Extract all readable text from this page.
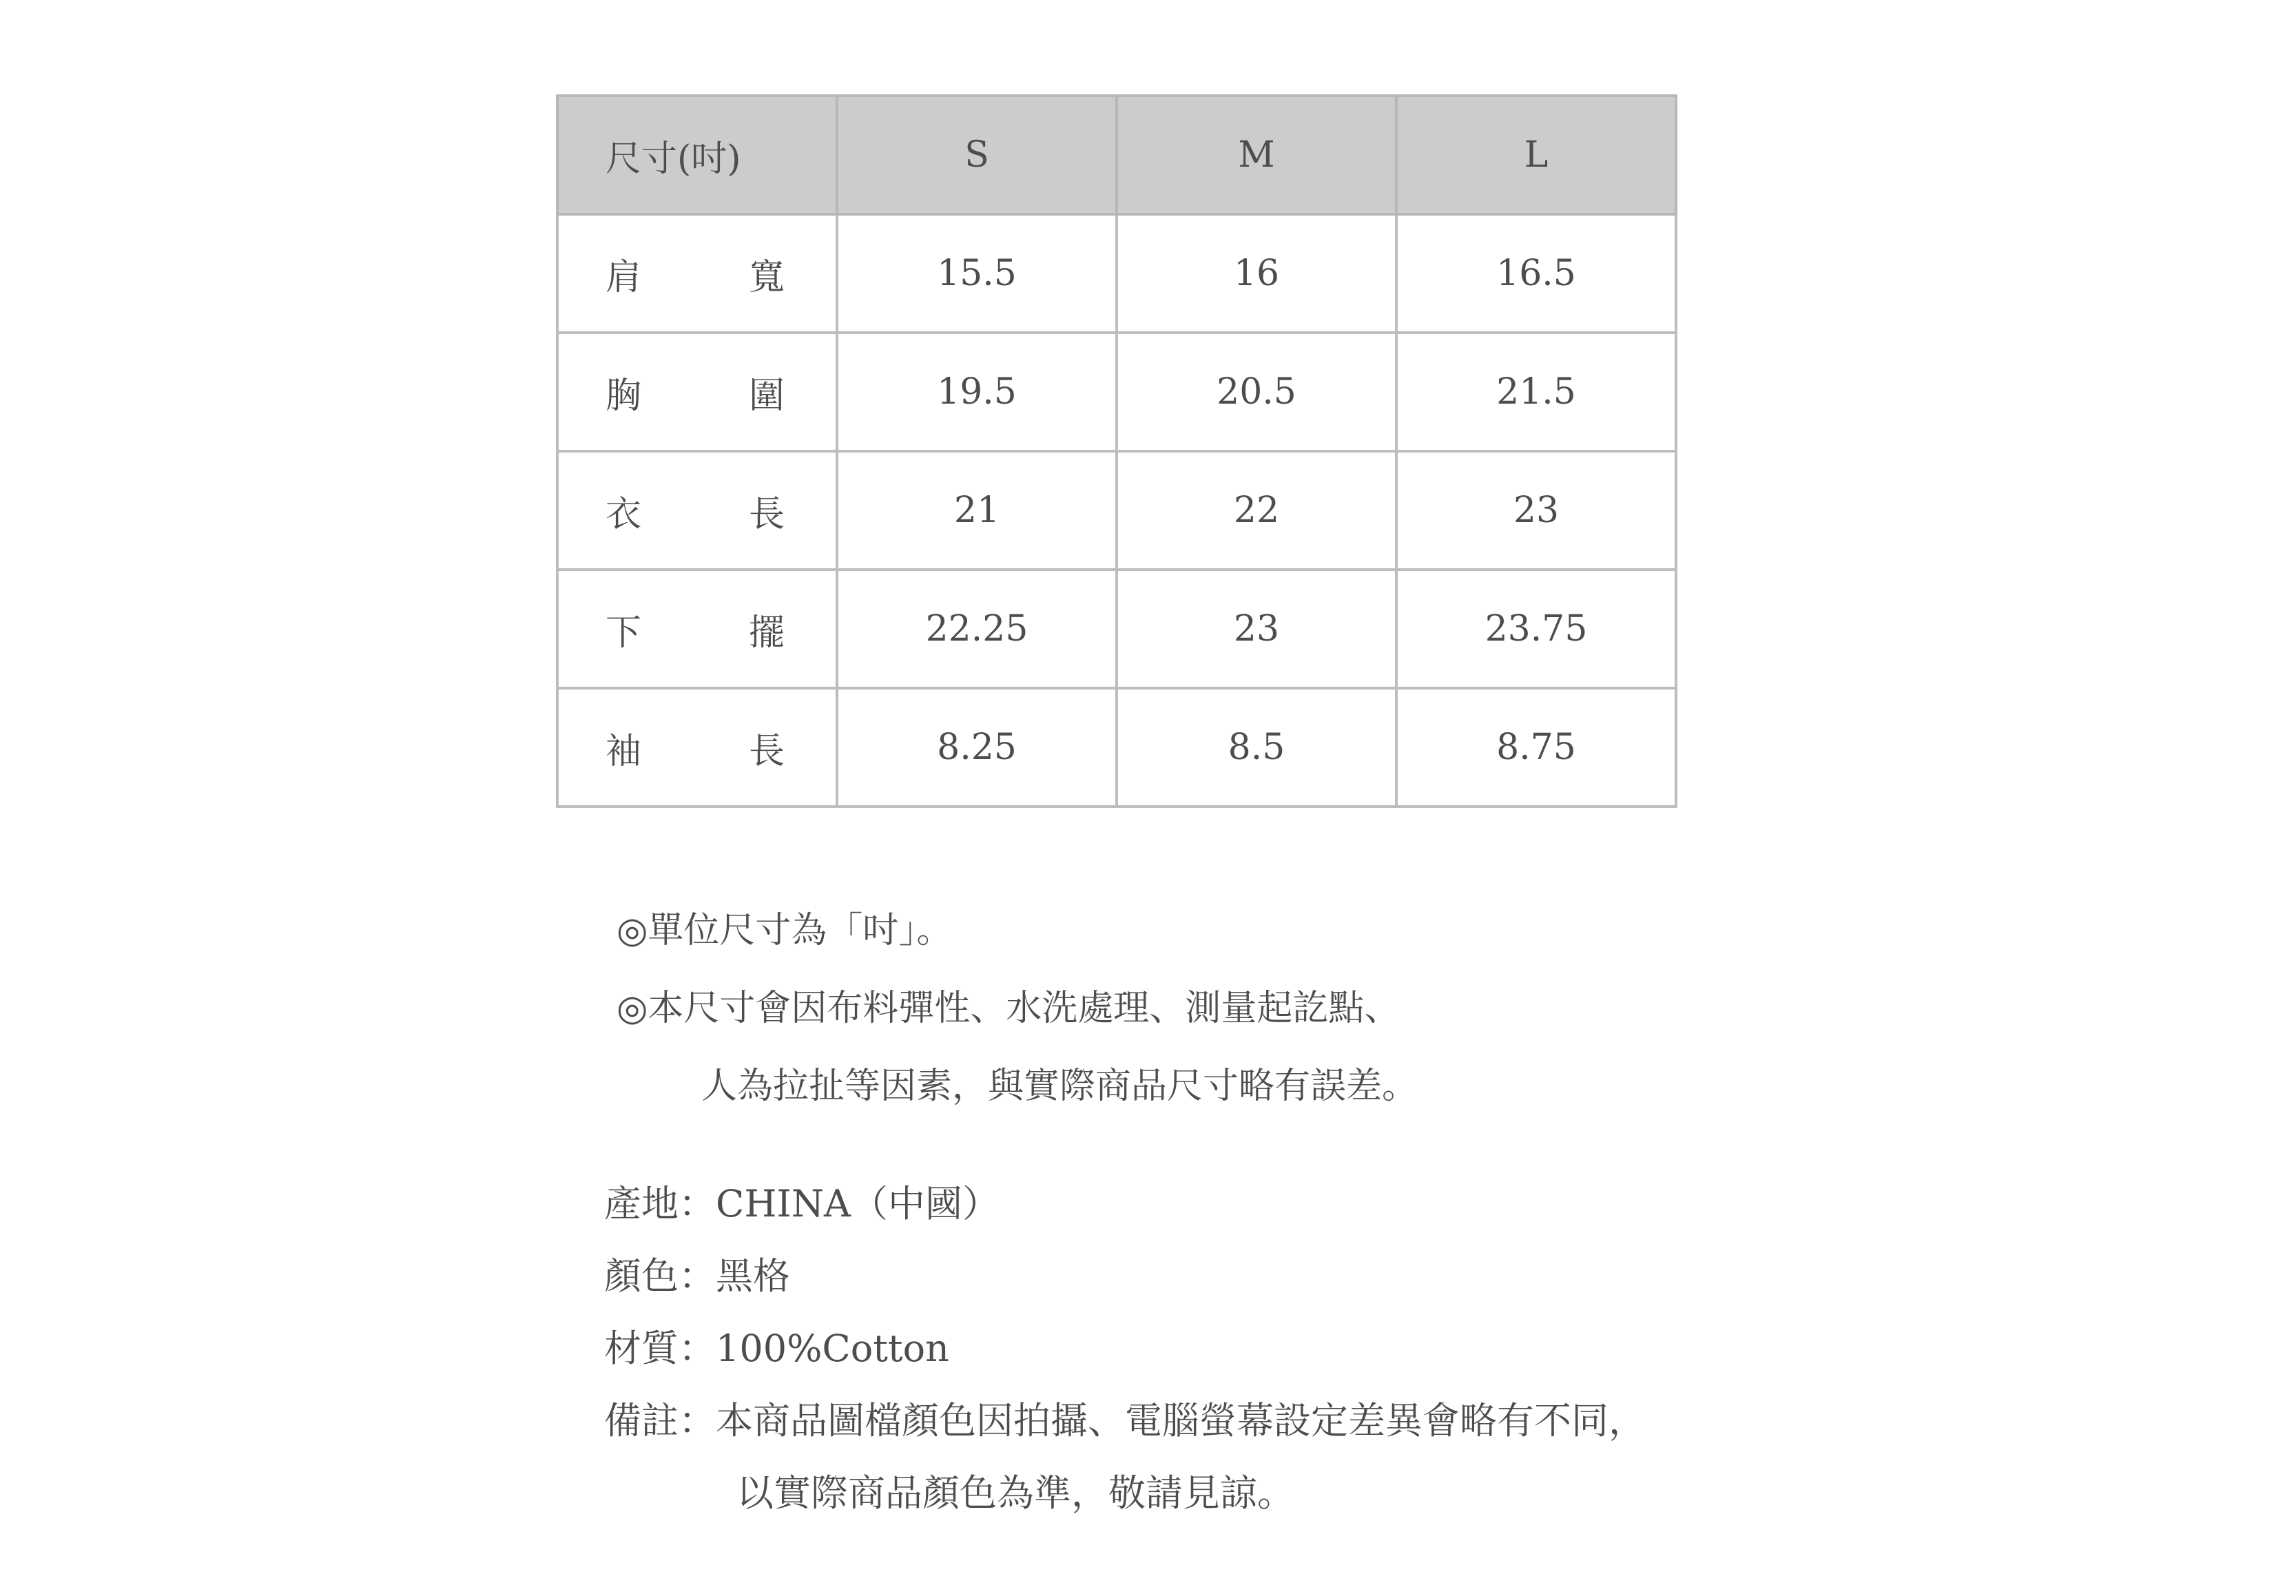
尺寸(吋)	S	M	L

肩 寬	15.5	16	16.5

胸 圍	19.5	20.5	21.5

衣 長	21	22	23

下 擺	22.25	23	23.75

袖 長	8.25	8.5	8.75
◎單位尺寸為「吋」。
◎本尺寸會因布料彈性、水洗處理、測量起訖點、
人為拉扯等因素，與實際商品尺寸略有誤差。
產地： CHINA（中國）
顏色： 黑格
材質： 100%Cotton
備註： 本商品圖檔顏色因拍攝、電腦螢幕設定差異會略有不同，
以實際商品顏色為準，敬請見諒。
